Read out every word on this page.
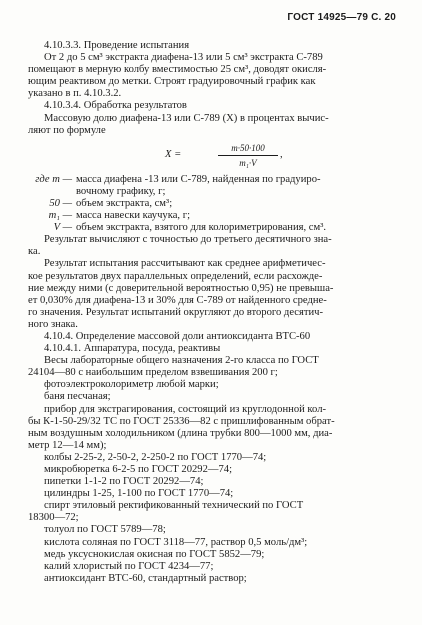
ГОСТ 14925—79 С. 20

4.10.3.3. Проведение испытания

От 2 до 5 см³ экстракта диафена-13 или 5 см³ экстракта С-789

помещают в мерную колбу вместимостью 25 см³, доводят окисля-

ющим реактивом до метки. Строят градуировочный график как

указано в п. 4.10.3.2.

4.10.3.4. Обработка результатов

Массовую долю диафена-13 или С-789 (X) в процентах вычис-

ляют по формуле

X =	$\frac{m\cdot 50\cdot 100}{\text{m₁·V}}$ ,
где m — масса диафена -13 или С-789, найденная по градуиро-
вочному графику, г;
50 — объем экстракта, см³;
m₁ — масса навески каучука, г;
V — объем экстракта, взятого для колориметрирования, см³.

Результат вычисляют с точностью до третьего десятичного зна-

ка.

Результат испытания рассчитывают как среднее арифметичес-

кое результатов двух параллельных определений, если расхожде-

ние между ними (с доверительной вероятностью 0,95) не превыша-

ет 0,030% для диафена-13 и 30% для С-789 от найденного средне-

го значения. Результат испытаний округляют до второго десятич-

ного знака.

4.10.4. Определение массовой доли антиоксиданта ВТС-60

4.10.4.1. Аппаратура, посуда, реактивы

Весы лабораторные общего назначения 2-го класса по ГОСТ

24104—80 с наибольшим пределом взвешивания 200 г;

фотоэлектроколориметр любой марки;

баня песчаная;

прибор для экстрагирования, состоящий из круглодонной кол-

бы К-1-50-29/32 ТС по ГОСТ 25336—82 с пришлифованным обрат-

ным воздушным холодильником (длина трубки 800—1000 мм, диа-

метр 12—14 мм);

колбы 2-25-2, 2-50-2, 2-250-2 по ГОСТ 1770—74;

микробюретка 6-2-5 по ГОСТ 20292—74;

пипетки 1-1-2 по ГОСТ 20292—74;

цилиндры 1-25, 1-100 по ГОСТ 1770—74;

спирт этиловый ректификованный технический по ГОСТ

18300—72;

толуол по ГОСТ 5789—78;

кислота соляная по ГОСТ 3118—77, раствор 0,5 моль/дм³;

медь уксуснокислая окисная по ГОСТ 5852—79;

калий хлористый по ГОСТ 4234—77;

антиоксидант ВТС-60, стандартный раствор;
